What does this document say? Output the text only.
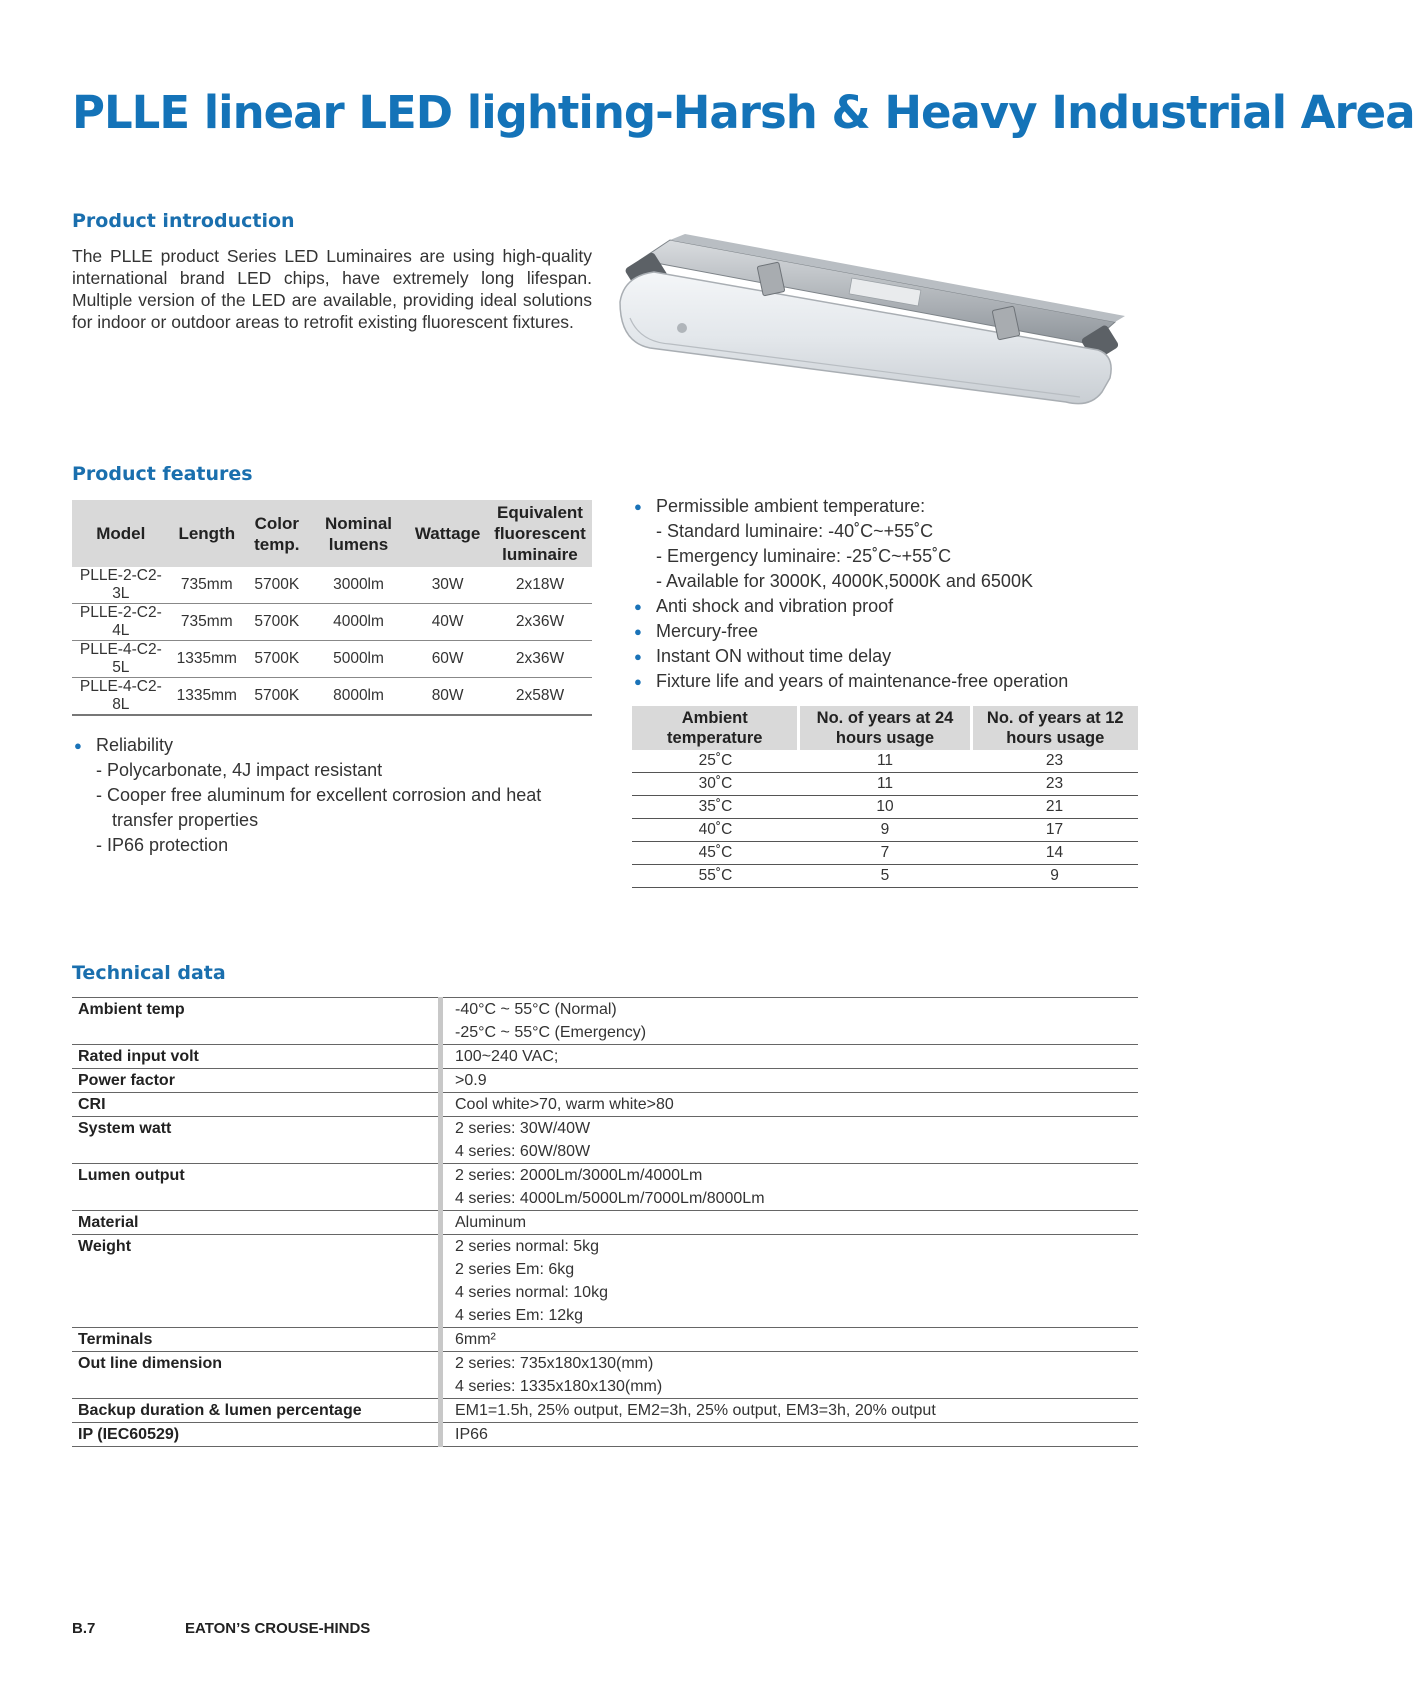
PLLE linear LED lighting-Harsh & Heavy Industrial Area
Product introduction
The PLLE product Series LED Luminaires are using high-quality international brand LED chips, have extremely long lifespan. Multiple version of the LED are available, providing ideal solutions for indoor or outdoor areas to retrofit existing fluorescent fixtures.
Product features
Model	Length	Color temp.	Nominal lumens	Wattage	Equivalent fluorescent luminaire
PLLE-2-C2-3L	735mm	5700K	3000lm	30W	2x18W
PLLE-2-C2-4L	735mm	5700K	4000lm	40W	2x36W
PLLE-4-C2-5L	1335mm	5700K	5000lm	60W	2x36W
PLLE-4-C2-8L	1335mm	5700K	8000lm	80W	2x58W
● Reliability
- Polycarbonate, 4J impact resistant
- Cooper free aluminum for excellent corrosion and heat transfer properties
- IP66 protection
● Permissible ambient temperature:
- Standard luminaire: -40˚C~+55˚C
- Emergency luminaire: -25˚C~+55˚C
- Available for 3000K, 4000K,5000K and 6500K
● Anti shock and vibration proof
● Mercury-free
● Instant ON without time delay
● Fixture life and years of maintenance-free operation
Ambient temperature	No. of years at 24 hours usage	No. of years at 12 hours usage
25˚C	11	23
30˚C	11	23
35˚C	10	21
40˚C	9	17
45˚C	7	14
55˚C	5	9
Technical data
Ambient temp	-40°C ~ 55°C (Normal)
-25°C ~ 55°C (Emergency)

Rated input volt	100~240 VAC;

Power factor	>0.9

CRI	Cool white>70, warm white>80

System watt	2 series: 30W/40W
4 series: 60W/80W

Lumen output	2 series: 2000Lm/3000Lm/4000Lm
4 series: 4000Lm/5000Lm/7000Lm/8000Lm

Material	Aluminum

Weight	2 series normal: 5kg
2 series Em: 6kg
4 series normal: 10kg
4 series Em: 12kg

Terminals	6mm²

Out line dimension	2 series: 735x180x130(mm)
4 series: 1335x180x130(mm)

Backup duration & lumen percentage	EM1=1.5h, 25% output, EM2=3h, 25% output, EM3=3h, 20% output

IP (IEC60529)	IP66
B.7	EATON’S CROUSE-HINDS
